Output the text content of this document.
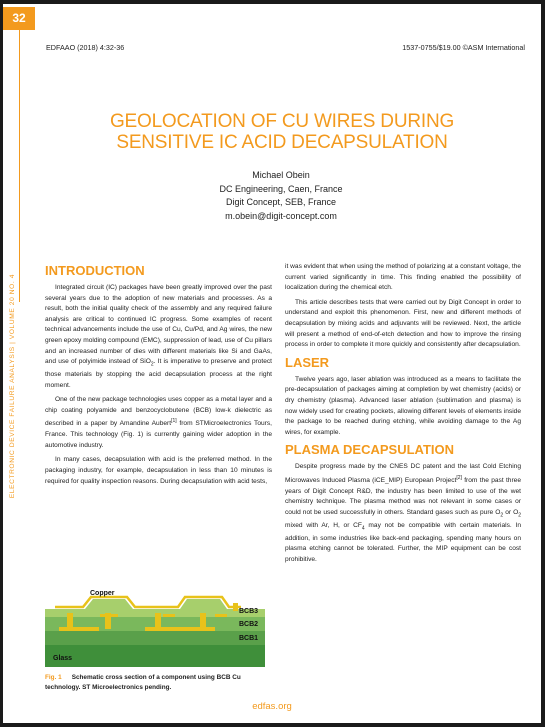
32
ELECTRONIC DEVICE FAILURE ANALYSIS | VOLUME 20 NO. 4
EDFAAO (2018) 4:32-36	1537-0755/$19.00 ©ASM International
GEOLOCATION OF CU WIRES DURING
SENSITIVE IC ACID DECAPSULATION
Michael Obein
DC Engineering, Caen, France
Digit Concept, SEB, France
m.obein@digit-concept.com
INTRODUCTION

Integrated circuit (IC) packages have been greatly improved over the past several years due to the adoption of new materials and processes. As a result, both the initial quality check of the assembly and any required failure analysis are critical to continued IC progress. Some examples of recent technical advancements include the use of Cu, Cu/Pd, and Ag wires, the new green epoxy molding compound (EMC), suppression of lead, use of Cu pillars and an increased number of dies with different materials like Si and GaAs, and use of polyimide instead of SiO$_2$. It is imperative to preserve and protect those materials by stopping the acid decapsulation process at the right moment.

One of the new package technologies uses copper as a metal layer and a chip coating polyamide and benzocyclobutene (BCB) low-k dielectric as described in a paper by Amandine Aubert[1] from STMicroelectronics Tours, France. This technology (Fig. 1) is currently gaining wider adoption in the automotive industry.

In many cases, decapsulation with acid is the preferred method. In the packaging industry, for example, decapsulation in less than 10 minutes is required for quality inspection reasons. During decapsulation with acid tests,

it was evident that when using the method of polarizing at a constant voltage, the current varied significantly in time. This finding enabled the possibility of localization during the chemical etch.

This article describes tests that were carried out by Digit Concept in order to understand and exploit this phenomenon. First, new and different methods of decapsulation by mixing acids and adjuvants will be reviewed. Next, the article will present a method of end-of-etch detection and how to improve the rinsing process in order to complete it more quickly and consistently after decapsulation.

LASER

Twelve years ago, laser ablation was introduced as a means to facilitate the pre-decapsulation of packages aiming at completion by wet chemistry (acids) or dry chemistry (plasma). Advanced laser ablation (sublimation and plasma) is now widely used for creating pockets, allowing different levels of elements inside the package to be reached during etching, while avoiding damage to the Ag wires, for example.

PLASMA DECAPSULATION

Despite progress made by the CNES DC patent and the last Cold Etching Microwaves Induced Plasma (iCE_MIP) European Project[2] from the past three years of Digit Concept R&D, the industry has been limited to use of the wet chemistry technique. The plasma method was not relevant in some cases or could not be used successfully in others. Standard gases such as pure $O_2$ or $O_2$ mixed with Ar, H, or $CF_4$ may not be compatible with certain materials. In addition, in some industries like back-end packaging, spending many hours on plasma etching cannot be tolerated. Further, the MIP equipment can be cost prohibitive.

Copper
BCB3
BCB2
BCB1
Glass
Fig. 1 Schematic cross section of a component using BCB Cu technology. ST Microelectronics pending.
edfas.org
